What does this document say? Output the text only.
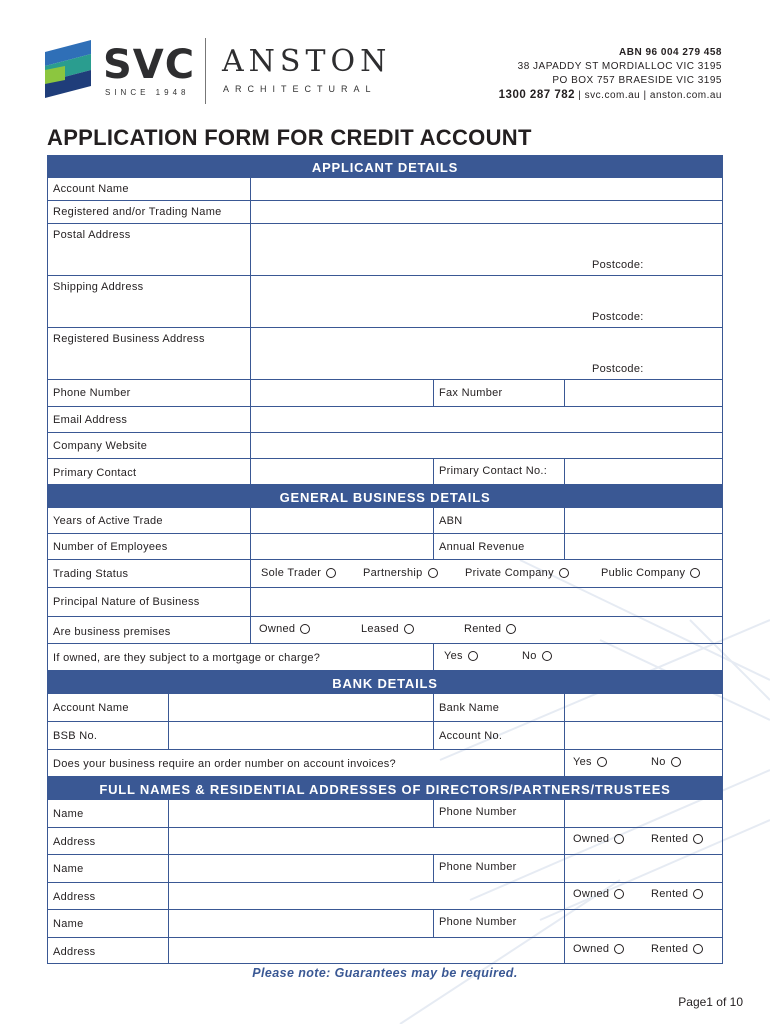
SVC
SINCE 1948
ANSTON
ARCHITECTURAL
ABN 96 004 279 458
38 JAPADDY ST MORDIALLOC VIC 3195
PO BOX 757 BRAESIDE VIC 3195
1300 287 782 | svc.com.au | anston.com.au
APPLICATION FORM FOR CREDIT ACCOUNT
APPLICANT DETAILS
Account Name
Registered and/or Trading Name
Postal Address
Postcode:
Shipping Address
Postcode:
Registered Business Address
Postcode:
Phone Number	Fax Number
Email Address
Company Website
Primary Contact	Primary Contact No.:
GENERAL BUSINESS DETAILS
Years of Active Trade	ABN
Number of Employees	Annual Revenue
Trading Status	Sole Trader	Partnership	Private Company	Public Company
Principal Nature of Business
Are business premises	Owned	Leased	Rented
If owned, are they subject to a mortgage or charge?	Yes	No
BANK DETAILS
Account Name	Bank Name
BSB No.	Account No.
Does your business require an order number on account invoices?	Yes	No
FULL NAMES & RESIDENTIAL ADDRESSES OF DIRECTORS/PARTNERS/TRUSTEES
Name	Phone Number
Address	Owned	Rented
Name	Phone Number
Address	Owned	Rented
Name	Phone Number
Address	Owned	Rented
Please note: Guarantees may be required.
Page1 of 10
